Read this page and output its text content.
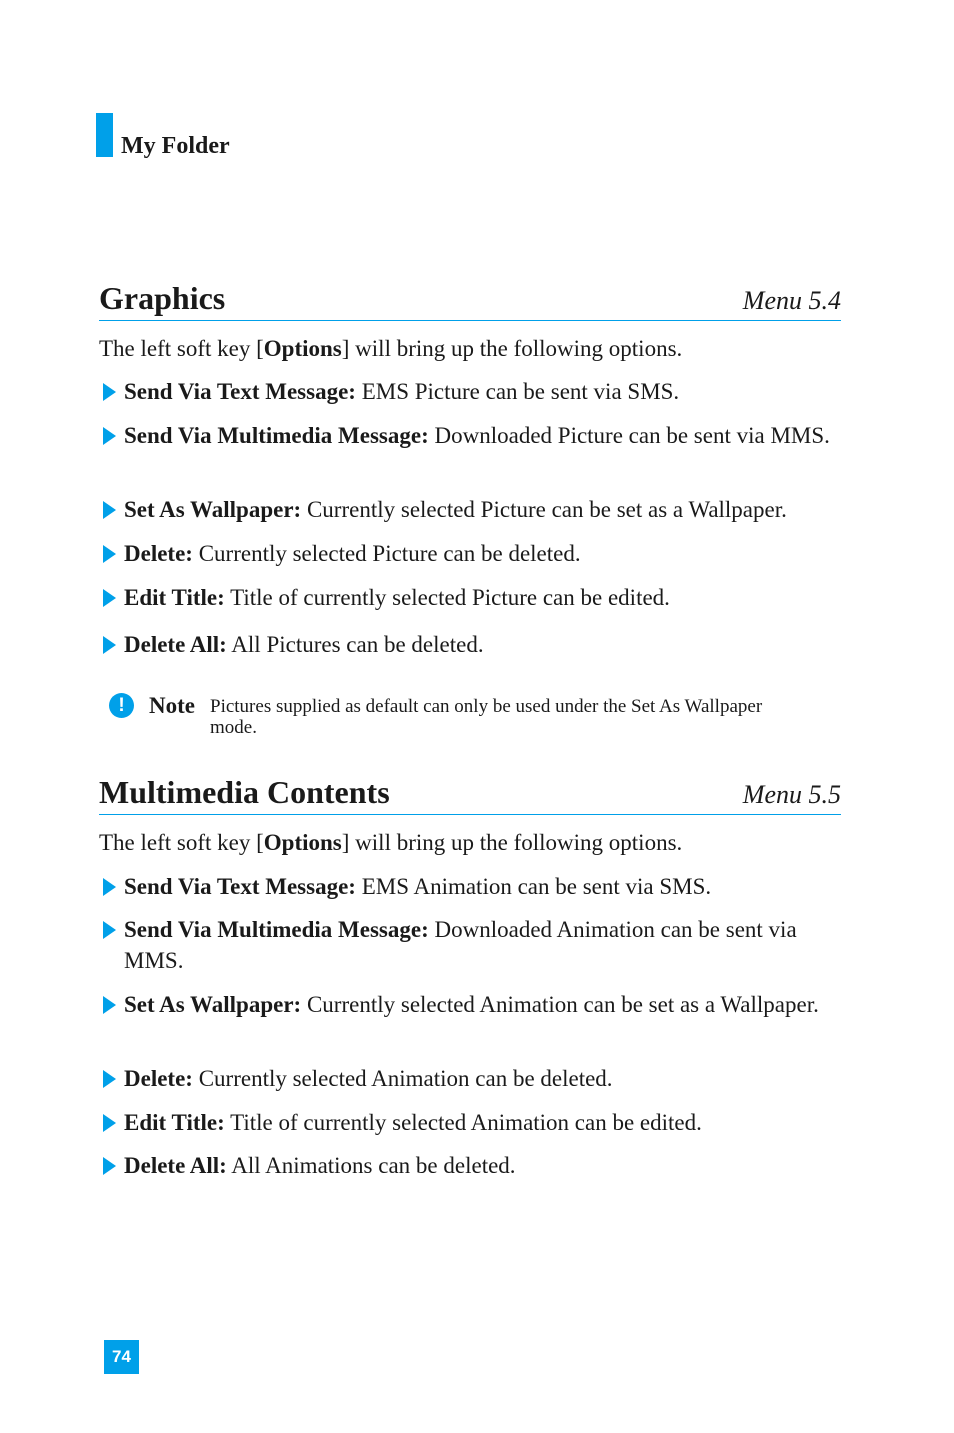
My Folder
Graphics	Menu 5.4
The left soft key [Options] will bring up the following options.
Send Via Text Message: EMS Picture can be sent via SMS.
Send Via Multimedia Message: Downloaded Picture can be sent via MMS.
Set As Wallpaper: Currently selected Picture can be set as a Wallpaper.
Delete: Currently selected Picture can be deleted.
Edit Title: Title of currently selected Picture can be edited.
Delete All: All Pictures can be deleted.
!	Note Pictures supplied as default can only be used under the Set As Wallpaper mode.
Multimedia Contents	Menu 5.5
The left soft key [Options] will bring up the following options.
Send Via Text Message: EMS Animation can be sent via SMS.
Send Via Multimedia Message: Downloaded Animation can be sent via MMS.
Set As Wallpaper: Currently selected Animation can be set as a Wallpaper.
Delete: Currently selected Animation can be deleted.
Edit Title: Title of currently selected Animation can be edited.
Delete All: All Animations can be deleted.
74
